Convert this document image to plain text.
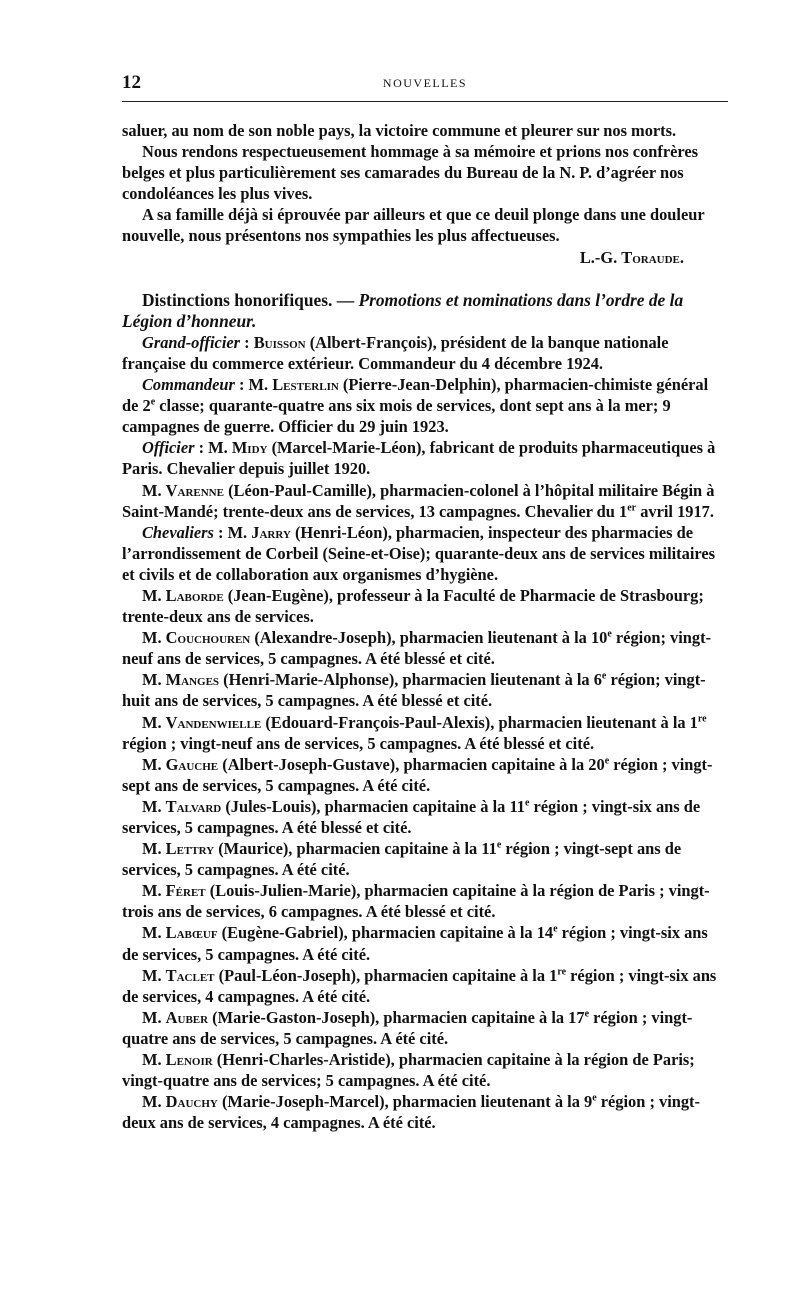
12	NOUVELLES

saluer, au nom de son noble pays, la victoire commune et pleurer sur nos morts.

Nous rendons respectueusement hommage à sa mémoire et prions nos confrères belges et plus particulièrement ses camarades du Bureau de la N. P. d’agréer nos condoléances les plus vives.

A sa famille déjà si éprouvée par ailleurs et que ce deuil plonge dans une douleur nouvelle, nous présentons nos sympathies les plus affectueuses.

L.-G. Toraude.

Distinctions honorifiques. — Promotions et nominations dans l’ordre de la Légion d’honneur.

Grand-officier : Buisson (Albert-François), président de la banque nationale française du commerce extérieur. Commandeur du 4 décembre 1924.

Commandeur : M. Lesterlin (Pierre-Jean-Delphin), pharmacien-chimiste général de 2e classe; quarante-quatre ans six mois de services, dont sept ans à la mer; 9 campagnes de guerre. Officier du 29 juin 1923.

Officier : M. Midy (Marcel-Marie-Léon), fabricant de produits pharmaceutiques à Paris. Chevalier depuis juillet 1920.

M. Varenne (Léon-Paul-Camille), pharmacien-colonel à l’hôpital militaire Bégin à Saint-Mandé; trente-deux ans de services, 13 campagnes. Chevalier du 1er avril 1917.

Chevaliers : M. Jarry (Henri-Léon), pharmacien, inspecteur des pharmacies de l’arrondissement de Corbeil (Seine-et-Oise); quarante-deux ans de services militaires et civils et de collaboration aux organismes d’hygiène.

M. Laborde (Jean-Eugène), professeur à la Faculté de Pharmacie de Strasbourg; trente-deux ans de services.

M. Couchouren (Alexandre-Joseph), pharmacien lieutenant à la 10e région; vingt-neuf ans de services, 5 campagnes. A été blessé et cité.

M. Manges (Henri-Marie-Alphonse), pharmacien lieutenant à la 6e région; vingt-huit ans de services, 5 campagnes. A été blessé et cité.

M. Vandenwielle (Edouard-François-Paul-Alexis), pharmacien lieutenant à la 1re région ; vingt-neuf ans de services, 5 campagnes. A été blessé et cité.

M. Gauche (Albert-Joseph-Gustave), pharmacien capitaine à la 20e région ; vingt-sept ans de services, 5 campagnes. A été cité.

M. Talvard (Jules-Louis), pharmacien capitaine à la 11e région ; vingt-six ans de services, 5 campagnes. A été blessé et cité.

M. Lettry (Maurice), pharmacien capitaine à la 11e région ; vingt-sept ans de services, 5 campagnes. A été cité.

M. Féret (Louis-Julien-Marie), pharmacien capitaine à la région de Paris ; vingt-trois ans de services, 6 campagnes. A été blessé et cité.

M. Labœuf (Eugène-Gabriel), pharmacien capitaine à la 14e région ; vingt-six ans de services, 5 campagnes. A été cité.

M. Taclet (Paul-Léon-Joseph), pharmacien capitaine à la 1re région ; vingt-six ans de services, 4 campagnes. A été cité.

M. Auber (Marie-Gaston-Joseph), pharmacien capitaine à la 17e région ; vingt-quatre ans de services, 5 campagnes. A été cité.

M. Lenoir (Henri-Charles-Aristide), pharmacien capitaine à la région de Paris; vingt-quatre ans de services; 5 campagnes. A été cité.

M. Dauchy (Marie-Joseph-Marcel), pharmacien lieutenant à la 9e région ; vingt-deux ans de services, 4 campagnes. A été cité.
